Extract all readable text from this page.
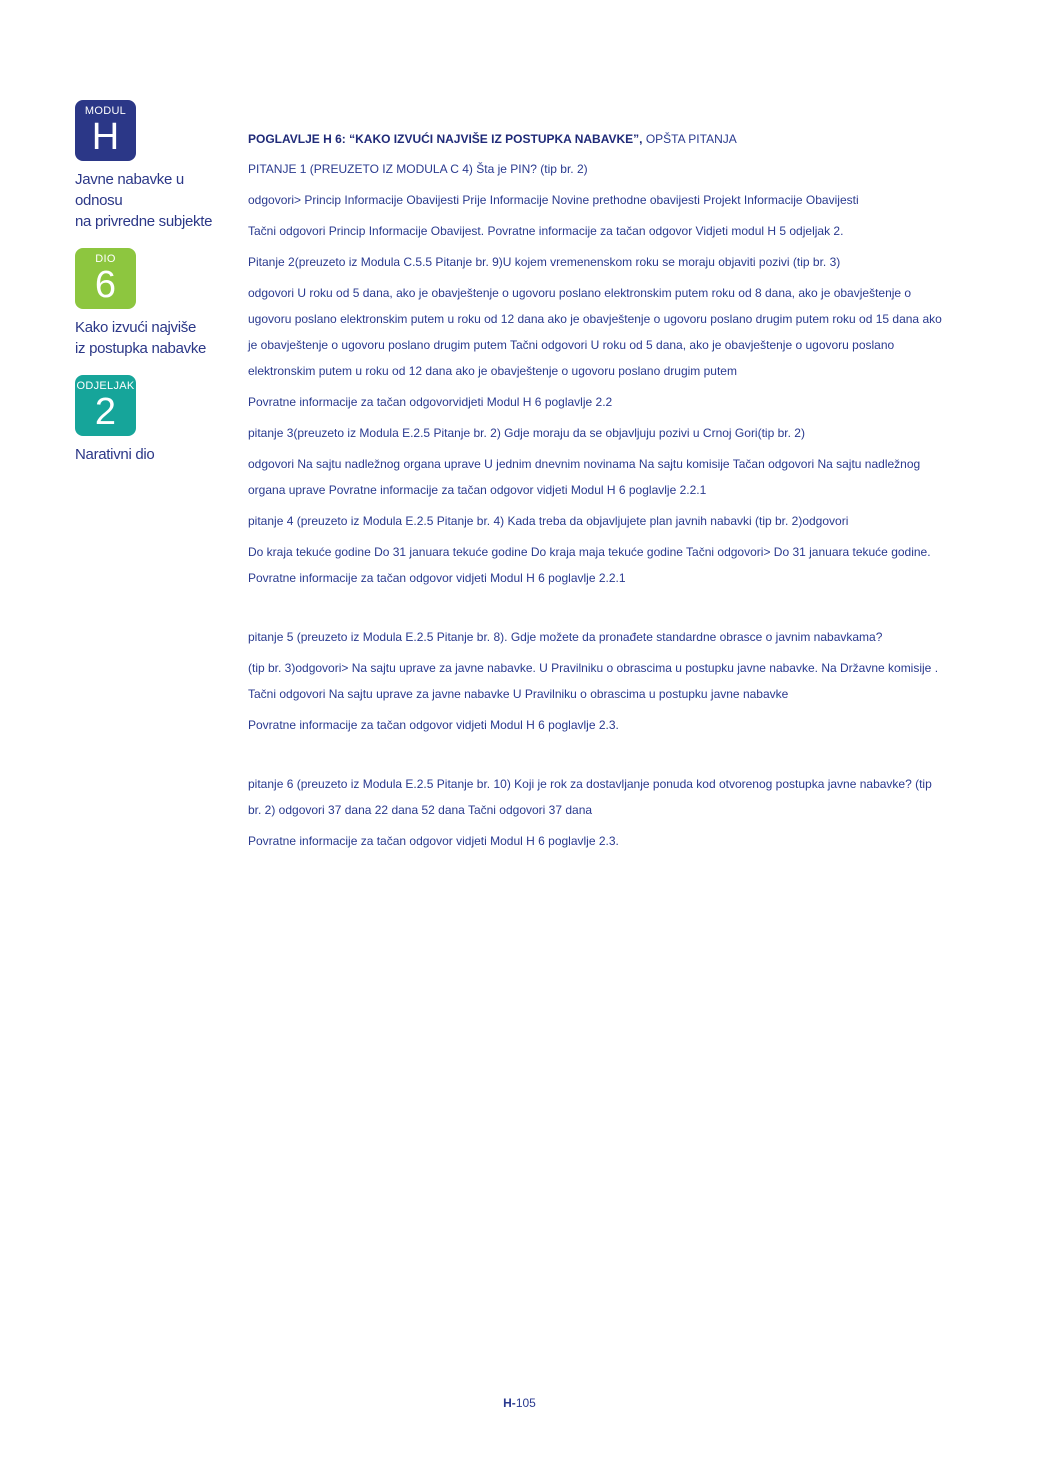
MODUL
H
Javne nabavke u odnosu
na privredne subjekte
DIO
6
Kako izvući najviše
iz postupka nabavke
ODJELJAK
2
Narativni dio
POGLAVLJE H 6: “KAKO IZVUĆI NAJVIŠE IZ POSTUPKA NABAVKE”, OPŠTA PITANJA
PITANJE 1 (PREUZETO IZ MODULA C 4) Šta je PIN? (tip br. 2)
odgovori> Princip Informacije Obavijesti Prije Informacije Novine prethodne obavijesti Projekt Informacije Obavijesti
Tačni odgovori Princip Informacije Obavijest. Povratne informacije za tačan odgovor Vidjeti modul H 5 odjeljak 2.
Pitanje 2(preuzeto iz Modula C.5.5 Pitanje br. 9)U kojem vremenenskom roku se moraju objaviti pozivi (tip br. 3)
odgovori U roku od 5 dana, ako je obavještenje o ugovoru poslano elektronskim putem roku od 8 dana, ako je obavještenje o ugovoru poslano elektronskim putem u roku od 12 dana ako je obavještenje o ugovoru poslano drugim putem roku od 15 dana ako je obavještenje o ugovoru poslano drugim putem Tačni odgovori U roku od 5 dana, ako je obavještenje o ugovoru poslano elektronskim putem u roku od 12 dana ako je obavještenje o ugovoru poslano drugim putem
Povratne informacije za tačan odgovorvidjeti Modul H 6 poglavlje 2.2
pitanje 3(preuzeto iz Modula E.2.5 Pitanje br. 2) Gdje moraju da se objavljuju pozivi u Crnoj Gori(tip br. 2)
odgovori Na sajtu nadležnog organa uprave U jednim dnevnim novinama Na sajtu komisije Tačan odgovori Na sajtu nadležnog organa uprave Povratne informacije za tačan odgovor vidjeti Modul H 6 poglavlje 2.2.1
pitanje 4 (preuzeto iz Modula E.2.5 Pitanje br. 4) Kada treba da objavljujete plan javnih nabavki (tip br. 2)odgovori
Do kraja tekuće godine Do 31 januara tekuće godine Do kraja maja tekuće godine Tačni odgovori> Do 31 januara tekuće godine. Povratne informacije za tačan odgovor vidjeti Modul H 6 poglavlje 2.2.1
pitanje 5 (preuzeto iz Modula E.2.5 Pitanje br. 8). Gdje možete da pronađete standardne obrasce o javnim nabavkama?
(tip br. 3)odgovori> Na sajtu uprave za javne nabavke. U Pravilniku o obrascima u postupku javne nabavke. Na Državne komisije . Tačni odgovori Na sajtu uprave za javne nabavke U Pravilniku o obrascima u postupku javne nabavke
Povratne informacije za tačan odgovor vidjeti Modul H 6 poglavlje 2.3.
pitanje 6 (preuzeto iz Modula E.2.5 Pitanje br. 10) Koji je rok za dostavljanje ponuda kod otvorenog postupka javne nabavke? (tip br. 2) odgovori 37 dana 22 dana 52 dana Tačni odgovori 37 dana
Povratne informacije za tačan odgovor vidjeti Modul H 6 poglavlje 2.3.
H-105
